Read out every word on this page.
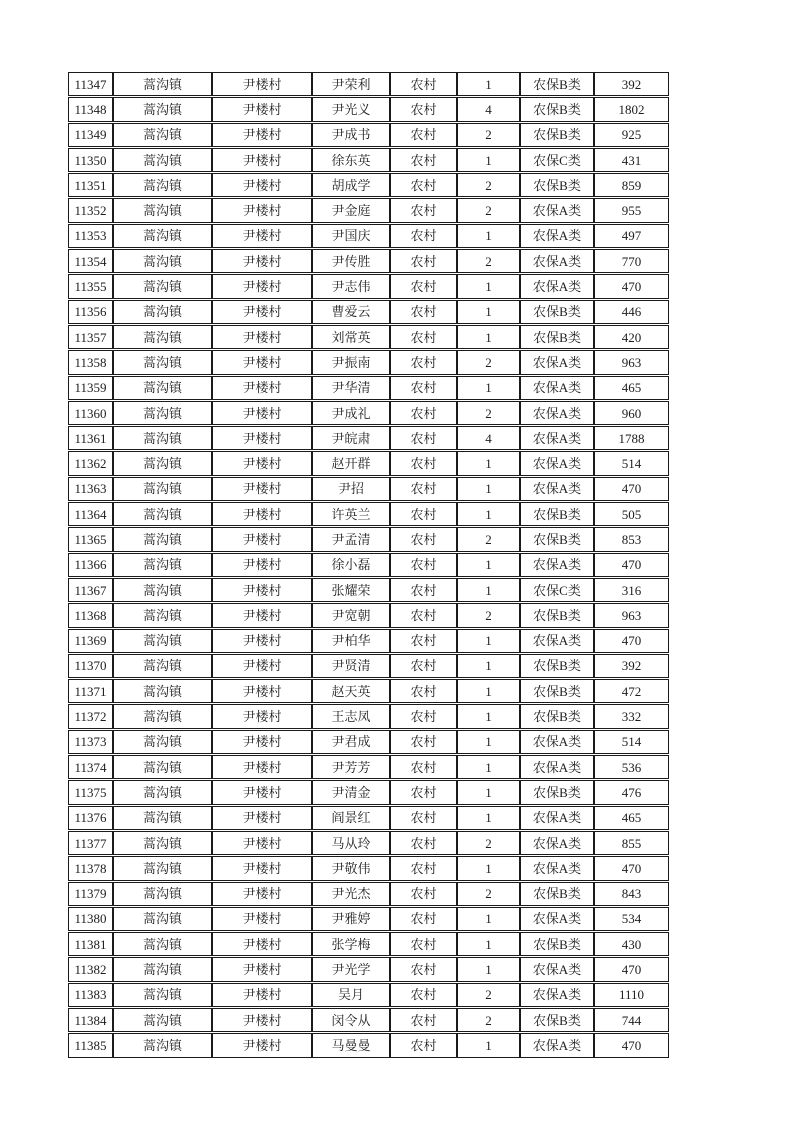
11347	蒿沟镇	尹楼村	尹荣利	农村	1	农保B类	392
11348	蒿沟镇	尹楼村	尹光义	农村	4	农保B类	1802
11349	蒿沟镇	尹楼村	尹成书	农村	2	农保B类	925
11350	蒿沟镇	尹楼村	徐东英	农村	1	农保C类	431
11351	蒿沟镇	尹楼村	胡成学	农村	2	农保B类	859
11352	蒿沟镇	尹楼村	尹金庭	农村	2	农保A类	955
11353	蒿沟镇	尹楼村	尹国庆	农村	1	农保A类	497
11354	蒿沟镇	尹楼村	尹传胜	农村	2	农保A类	770
11355	蒿沟镇	尹楼村	尹志伟	农村	1	农保A类	470
11356	蒿沟镇	尹楼村	曹爱云	农村	1	农保B类	446
11357	蒿沟镇	尹楼村	刘常英	农村	1	农保B类	420
11358	蒿沟镇	尹楼村	尹振南	农村	2	农保A类	963
11359	蒿沟镇	尹楼村	尹华清	农村	1	农保A类	465
11360	蒿沟镇	尹楼村	尹成礼	农村	2	农保A类	960
11361	蒿沟镇	尹楼村	尹皖肃	农村	4	农保A类	1788
11362	蒿沟镇	尹楼村	赵开群	农村	1	农保A类	514
11363	蒿沟镇	尹楼村	尹招	农村	1	农保A类	470
11364	蒿沟镇	尹楼村	许英兰	农村	1	农保B类	505
11365	蒿沟镇	尹楼村	尹孟清	农村	2	农保B类	853
11366	蒿沟镇	尹楼村	徐小磊	农村	1	农保A类	470
11367	蒿沟镇	尹楼村	张耀荣	农村	1	农保C类	316
11368	蒿沟镇	尹楼村	尹宽朝	农村	2	农保B类	963
11369	蒿沟镇	尹楼村	尹柏华	农村	1	农保A类	470
11370	蒿沟镇	尹楼村	尹贤清	农村	1	农保B类	392
11371	蒿沟镇	尹楼村	赵天英	农村	1	农保B类	472
11372	蒿沟镇	尹楼村	王志凤	农村	1	农保B类	332
11373	蒿沟镇	尹楼村	尹君成	农村	1	农保A类	514
11374	蒿沟镇	尹楼村	尹芳芳	农村	1	农保A类	536
11375	蒿沟镇	尹楼村	尹清金	农村	1	农保B类	476
11376	蒿沟镇	尹楼村	阎景红	农村	1	农保A类	465
11377	蒿沟镇	尹楼村	马从玲	农村	2	农保A类	855
11378	蒿沟镇	尹楼村	尹敬伟	农村	1	农保A类	470
11379	蒿沟镇	尹楼村	尹光杰	农村	2	农保B类	843
11380	蒿沟镇	尹楼村	尹雅婷	农村	1	农保A类	534
11381	蒿沟镇	尹楼村	张学梅	农村	1	农保B类	430
11382	蒿沟镇	尹楼村	尹光学	农村	1	农保A类	470
11383	蒿沟镇	尹楼村	吴月	农村	2	农保A类	1110
11384	蒿沟镇	尹楼村	闵令从	农村	2	农保B类	744
11385	蒿沟镇	尹楼村	马曼曼	农村	1	农保A类	470
